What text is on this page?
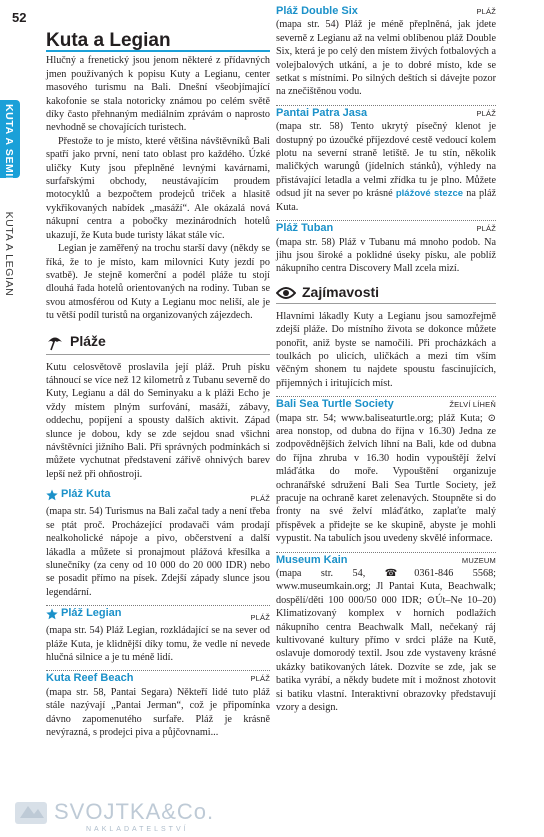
52
KUTA A SEMINYAK KUTA A LEGIAN
Kuta a Legian

Hlučný a frenetický jsou jenom některé z přídavných jmen používaných k popisu Kuty a Legianu, center masového turismu na Bali. Dnešní všeobjímající kakofonie se stala notoricky známou po celém světě díky často přehnaným mediálním zprávám o naprosto nevhodně se chovajících turistech.

Přestože to je místo, které většina návštěvníků Bali spatří jako první, není tato oblast pro každého. Úzké uličky Kuty jsou přeplněné levnými kavárnami, surfařskými obchody, neustávajícím proudem motocyklů a bezpočtem prodejců triček a hlasitě vykřikovaných nabídek „masáží“. Ale okázalá nová nákupní centra a pobočky mezinárodních hotelů ukazují, že Kuta bude turisty lákat stále víc.

Legian je zaměřený na trochu starší davy (někdy se říká, že to je místo, kam milovníci Kuty jezdí po svatbě). Je stejně komerční a podél pláže tu stojí dlouhá řada hotelů orientovaných na rodiny. Tuban se svou atmosférou od Kuty a Legianu moc neliší, ale je tu větší podíl turistů na organizovaných zájezdech.

Pláže

Kutu celosvětově proslavila její pláž. Pruh písku táhnoucí se více než 12 kilometrů z Tubanu severně do Kuty, Legianu a dál do Seminyaku a k pláži Echo je vždy místem plným surfování, masáží, zábavy, oddechu, popíjení a spousty dalších aktivit. Západ slunce je dobou, kdy se zde sejdou snad všichni návštěvníci jižního Bali. Při správných podmínkách si můžete vychutnat představení zářivě ohnivých barev lepší než při ohňostroji.

Pláž Kuta	PLÁŽ

(mapa str. 54) Turismus na Bali začal tady a není třeba se ptát proč. Procházející prodavači vám prodají nealkoholické nápoje a pivo, občerstvení a další lákadla a můžete si pronajmout plážová křesílka a slunečníky (za ceny od 10 000 do 20 000 IDR) nebo se posadit přímo na písek. Zdejší západy slunce jsou legendární.

Pláž Legian	PLÁŽ

(mapa str. 54) Pláž Legian, rozkládající se na sever od pláže Kuta, je klidnější díky tomu, že vedle ní nevede hlučná silnice a je tu méně lidí.

Kuta Reef Beach	PLÁŽ

(mapa str. 58, Pantai Segara) Někteří lidé tuto pláž stále nazývají „Pantai Jerman“, což je připomínka dávno zapomenutého surfaře. Pláž je krásně nevýrazná, s prodejci piva a půjčovnami...

Pláž Double Six	PLÁŽ

(mapa str. 54) Pláž je méně přeplněná, jak jdete severně z Legianu až na velmi oblíbenou pláž Double Six, která je po celý den místem živých fotbalových a volejbalových utkání, a je to dobré místo, kde se setkat s místními. Po silných deštích si dávejte pozor na znečištěnou vodu.

Pantai Patra Jasa	PLÁŽ

(mapa str. 58) Tento ukrytý písečný klenot je dostupný po úzoučké příjezdové cestě vedoucí kolem plotu na severní straně letiště. Je tu stín, několik maličkých warungů (jídelních stánků), výhledy na přistávající letadla a velmi zřídka tu je plno. Můžete odsud jít na sever po krásné plážové stezce na pláž Kuta.

Pláž Tuban	PLÁŽ

(mapa str. 58) Pláž v Tubanu má mnoho podob. Na jihu jsou široké a poklidné úseky písku, ale poblíž nákupního centra Discovery Mall zcela mizí.

Zajímavosti

Hlavními lákadly Kuty a Legianu jsou samozřejmě zdejší pláže. Do místního života se dokonce můžete ponořit, aniž byste se namočili. Při procházkách a toulkách po ulicích, uličkách a mezi tím vším věčným shonem tu najdete spoustu fascinujících, přijemných i iritujících míst.

Bali Sea Turtle Society	ŽELVÍ LÍHEŇ

(mapa str. 54; www.baliseaturtle.org; pláž Kuta; ⊙ area nonstop, od dubna do října v 16.30) Jedna ze zodpovědnějších želvích líhní na Bali, kde od dubna do října zhruba v 16.30 hodin vypouštějí želví mláďátka do moře. Vypouštění organizuje ochranářské sdružení Bali Sea Turtle Society, jež pracuje na ochraně karet zelenavých. Stoupněte si do fronty na své želví mláďátko, zaplaťte malý příspěvek a přidejte se ke skupině, abyste je mohli vypustit. Na tabulích jsou uvedeny skvělé informace.

Museum Kain	MUZEUM

(mapa str. 54, ☎0361-846 5568; www.museumkain.org; Jl Pantai Kuta, Beachwalk; dospělí/děti 100 000/50 000 IDR; ⊙Út–Ne 10–20) Klimatizovaný komplex v horních podlažích nákupního centra Beachwalk Mall, nečekaný ráj kultivované kultury přímo v srdci pláže na Kutě, oslavuje domorodý textil. Jsou zde vystaveny krásné ukázky batikovaných látek. Dozvíte se zde, jak se batika vyrábí, a někdy budete mít i možnost zhotovit si batiku vlastní. Interaktivní obrazovky představují vzory a design.

SVOJTKA&Co.
NAKLADATELSTVÍ
